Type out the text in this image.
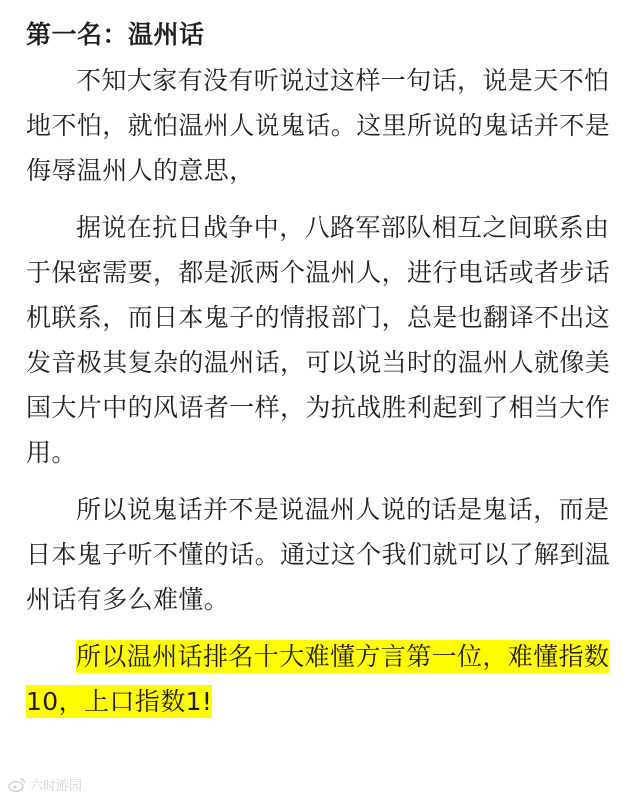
第一名：温州话

不知大家有没有听说过这样一句话，说是天不怕地不怕，就怕温州人说鬼话。这里所说的鬼话并不是侮辱温州人的意思，

据说在抗日战争中，八路军部队相互之间联系由于保密需要，都是派两个温州人，进行电话或者步话机联系，而日本鬼子的情报部门，总是也翻译不出这发音极其复杂的温州话，可以说当时的温州人就像美国大片中的风语者一样，为抗战胜利起到了相当大作用。

所以说鬼话并不是说温州人说的话是鬼话，而是日本鬼子听不懂的话。通过这个我们就可以了解到温州话有多么难懂。

所以温州话排名十大难懂方言第一位，难懂指数10，上口指数1!

六时游园
